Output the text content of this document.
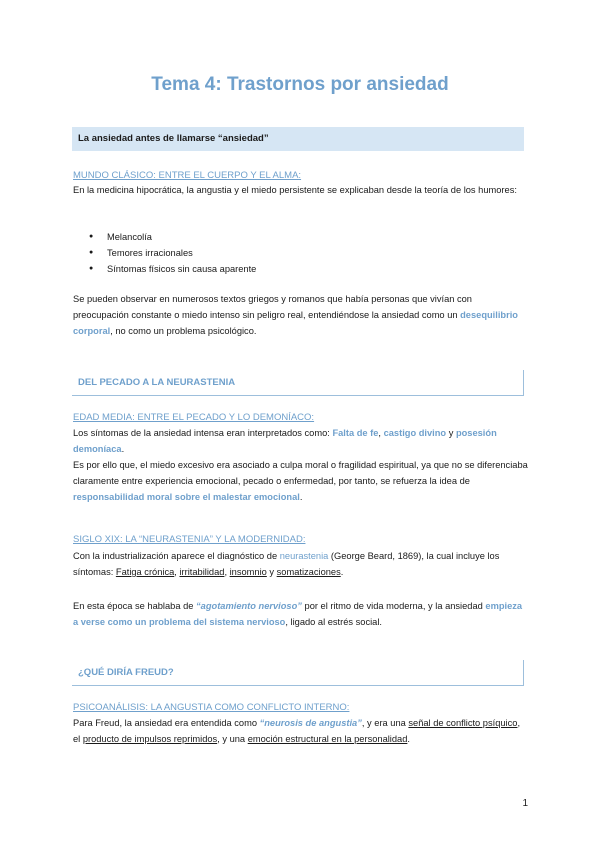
Tema 4: Trastornos por ansiedad
La ansiedad antes de llamarse “ansiedad”
MUNDO CLÁSICO: ENTRE EL CUERPO Y EL ALMA:
En la medicina hipocrática, la angustia y el miedo persistente se explicaban desde la teoría de los humores:
● Melancolía
● Temores irracionales
● Síntomas físicos sin causa aparente
Se pueden observar en numerosos textos griegos y romanos que había personas que vivían con preocupación constante o miedo intenso sin peligro real, entendiéndose la ansiedad como un desequilibrio corporal, no como un problema psicológico.
DEL PECADO A LA NEURASTENIA
EDAD MEDIA: ENTRE EL PECADO Y LO DEMONÍACO:
Los síntomas de la ansiedad intensa eran interpretados como: Falta de fe, castigo divino y posesión demoníaca.
Es por ello que, el miedo excesivo era asociado a culpa moral o fragilidad espiritual, ya que no se diferenciaba claramente entre experiencia emocional, pecado o enfermedad, por tanto, se refuerza la idea de responsabilidad moral sobre el malestar emocional.
SIGLO XIX: LA “NEURASTENIA” Y LA MODERNIDAD:
Con la industrialización aparece el diagnóstico de neurastenia (George Beard, 1869), la cual incluye los síntomas: Fatiga crónica, irritabilidad, insomnio y somatizaciones.
En esta época se hablaba de “agotamiento nervioso” por el ritmo de vida moderna, y la ansiedad empieza a verse como un problema del sistema nervioso, ligado al estrés social.
¿QUÉ DIRÍA FREUD?
PSICOANÁLISIS: LA ANGUSTIA COMO CONFLICTO INTERNO:
Para Freud, la ansiedad era entendida como “neurosis de angustia”, y era una señal de conflicto psíquico, el producto de impulsos reprimidos, y una emoción estructural en la personalidad.
1
